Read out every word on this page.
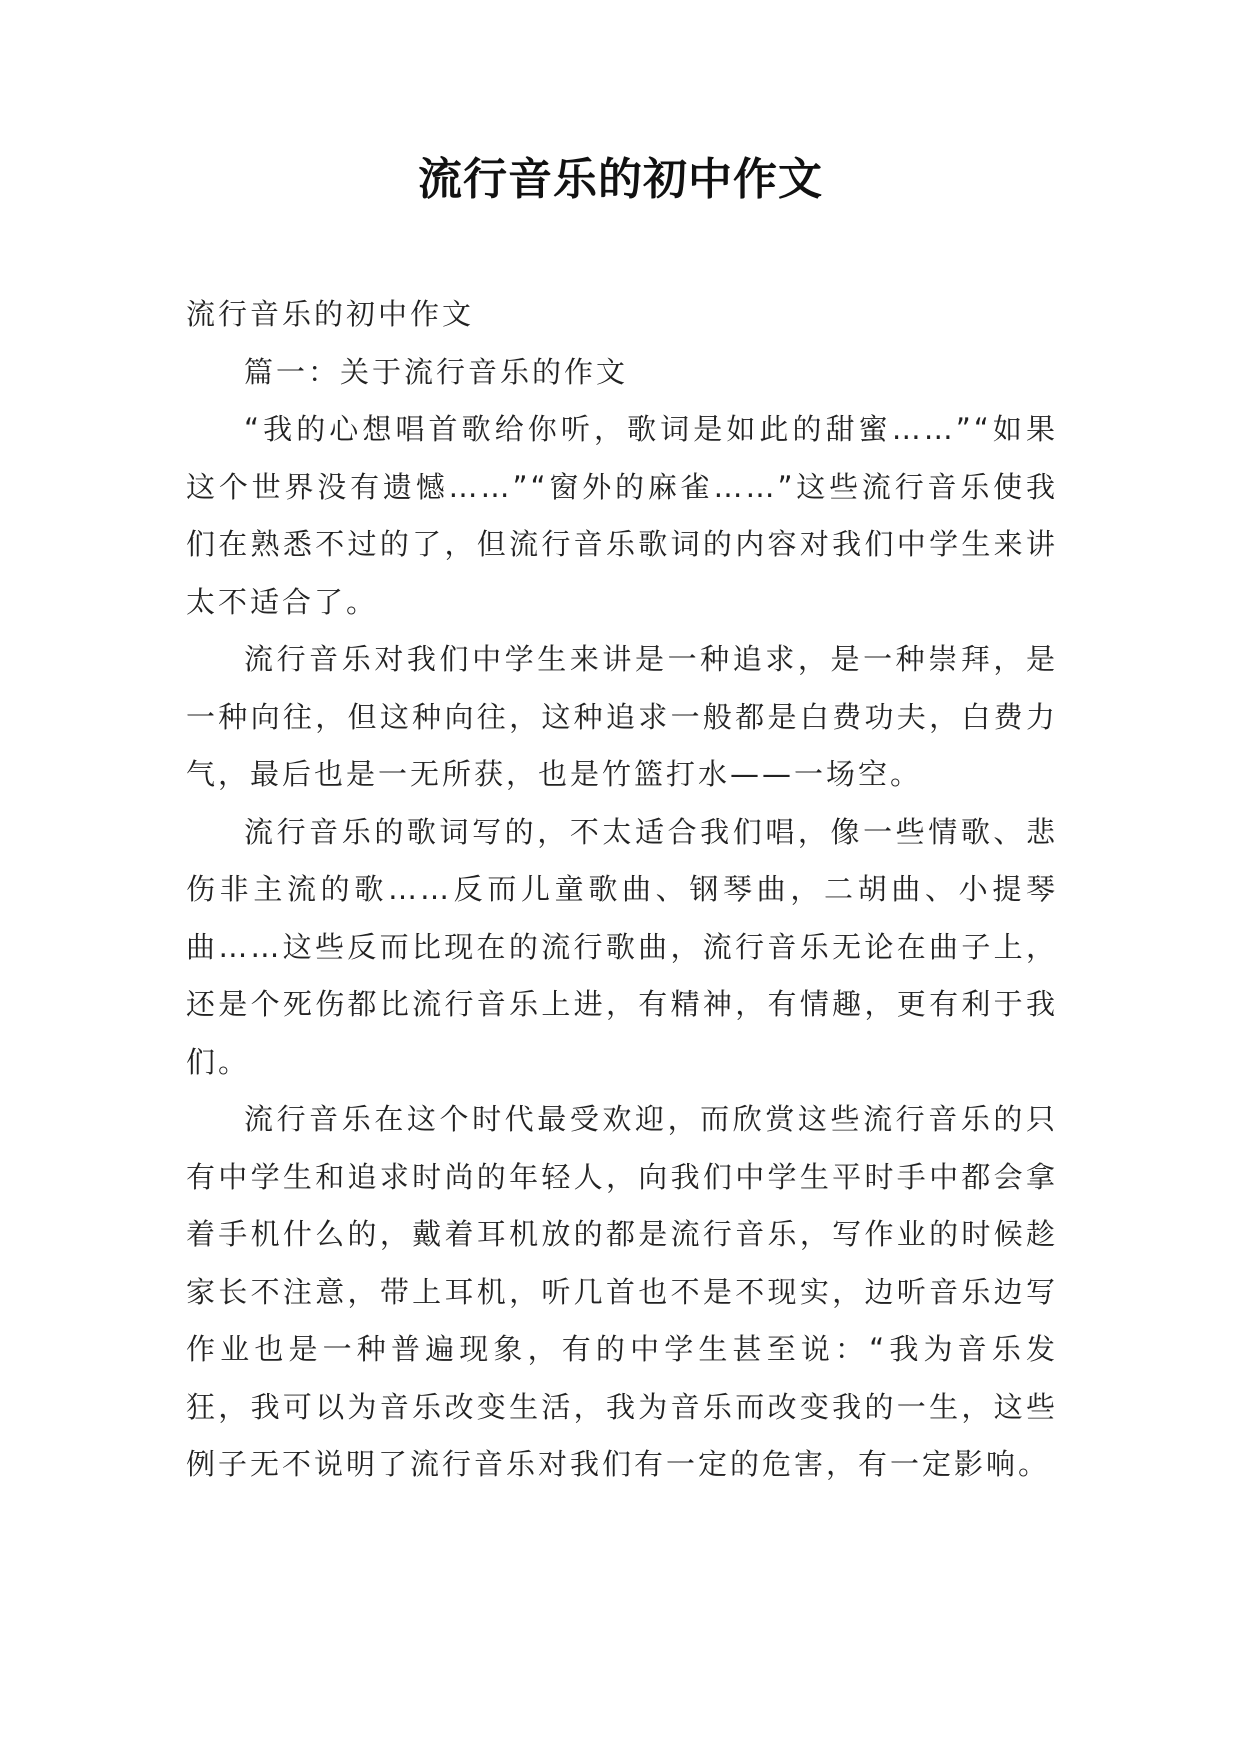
流行音乐的初中作文

流行音乐的初中作文

篇一：关于流行音乐的作文

“我的心想唱首歌给你听，歌词是如此的甜蜜……”“如果这个世界没有遗憾……”“窗外的麻雀……”这些流行音乐使我们在熟悉不过的了，但流行音乐歌词的内容对我们中学生来讲太不适合了。

流行音乐对我们中学生来讲是一种追求，是一种崇拜，是一种向往，但这种向往，这种追求一般都是白费功夫，白费力气，最后也是一无所获，也是竹篮打水——一场空。

流行音乐的歌词写的，不太适合我们唱，像一些情歌、悲伤非主流的歌……反而儿童歌曲、钢琴曲，二胡曲、小提琴曲……这些反而比现在的流行歌曲，流行音乐无论在曲子上，还是个死伤都比流行音乐上进，有精神，有情趣，更有利于我们。

流行音乐在这个时代最受欢迎，而欣赏这些流行音乐的只有中学生和追求时尚的年轻人，向我们中学生平时手中都会拿着手机什么的，戴着耳机放的都是流行音乐，写作业的时候趁家长不注意，带上耳机，听几首也不是不现实，边听音乐边写作业也是一种普遍现象，有的中学生甚至说：“我为音乐发狂，我可以为音乐改变生活，我为音乐而改变我的一生，这些例子无不说明了流行音乐对我们有一定的危害，有一定影响。
